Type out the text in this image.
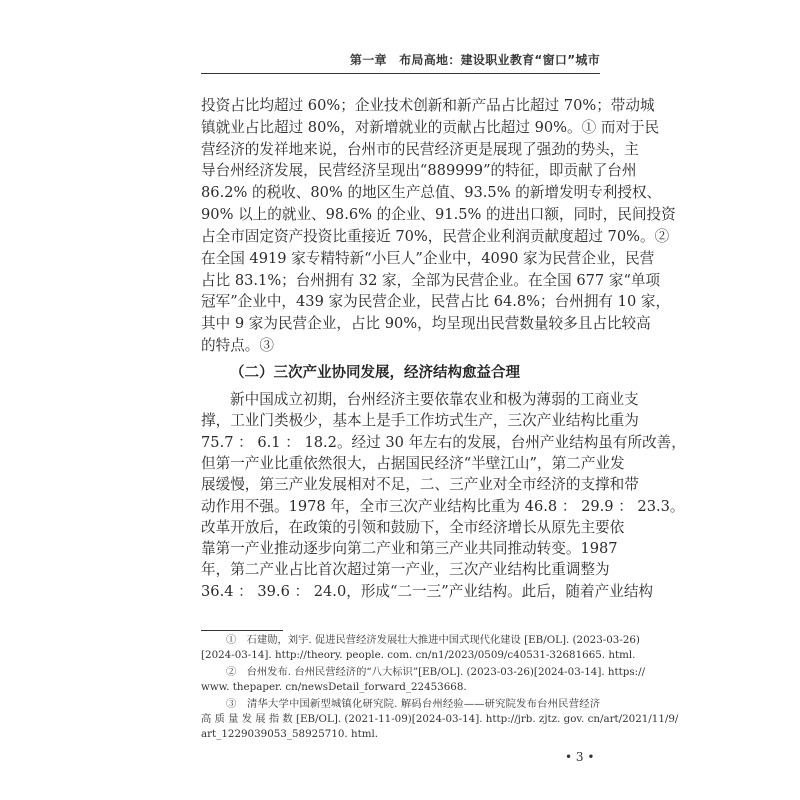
第一章　布局高地：建设职业教育“窗口”城市
投资占比均超过 60%；企业技术创新和新产品占比超过 70%；带动城
镇就业占比超过 80%，对新增就业的贡献占比超过 90%。① 而对于民
营经济的发祥地来说，台州市的民营经济更是展现了强劲的势头，主
导台州经济发展，民营经济呈现出“889999”的特征，即贡献了台州
86.2% 的税收、80% 的地区生产总值、93.5% 的新增发明专利授权、
90% 以上的就业、98.6% 的企业、91.5% 的进出口额，同时，民间投资
占全市固定资产投资比重接近 70%，民营企业利润贡献度超过 70%。②
在全国 4919 家专精特新“小巨人”企业中，4090 家为民营企业，民营
占比 83.1%；台州拥有 32 家，全部为民营企业。在全国 677 家“单项
冠军”企业中，439 家为民营企业，民营占比 64.8%；台州拥有 10 家，
其中 9 家为民营企业，占比 90%，均呈现出民营数量较多且占比较高
的特点。③
新中国成立初期，台州经济主要依靠农业和极为薄弱的工商业支
撑，工业门类极少，基本上是手工作坊式生产，三次产业结构比重为
75.7 ： 6.1 ： 18.2。经过 30 年左右的发展，台州产业结构虽有所改善，
但第一产业比重依然很大，占据国民经济“半壁江山”，第二产业发
展缓慢，第三产业发展相对不足，二、三产业对全市经济的支撑和带
动作用不强。1978 年，全市三次产业结构比重为 46.8 ： 29.9 ： 23.3。
改革开放后，在政策的引领和鼓励下，全市经济增长从原先主要依
靠第一产业推动逐步向第二产业和第三产业共同推动转变。1987
年，第二产业占比首次超过第一产业，三次产业结构比重调整为
36.4 ： 39.6 ： 24.0，形成“二一三”产业结构。此后，随着产业结构
（二）三次产业协同发展，经济结构愈益合理
①　石建勋，刘宇. 促进民营经济发展壮大推进中国式现代化建设 [EB/OL]. (2023-03-26)
[2024-03-14]. http://theory. people. com. cn/n1/2023/0509/c40531-32681665. html.
②　台州发布. 台州民营经济的“八大标识”[EB/OL]. (2023-03-26)[2024-03-14]. https://
www. thepaper. cn/newsDetail_forward_22453668.
③　清华大学中国新型城镇化研究院. 解码台州经验——研究院发布台州民营经济
高 质 量 发 展 指 数 [EB/OL]. (2021-11-09)[2024-03-14]. http://jrb. zjtz. gov. cn/art/2021/11/9/
art_1229039053_58925710. html.
• 3 •
